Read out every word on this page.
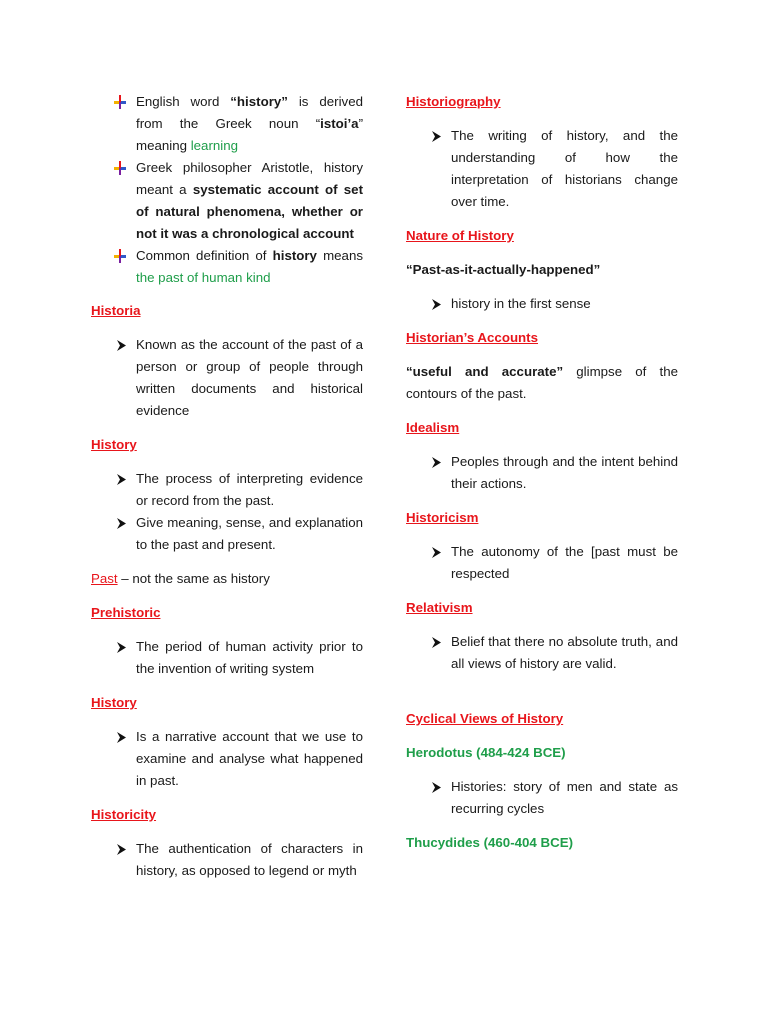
English word “history” is derived from the Greek noun “istoi’a” meaning learning
Greek philosopher Aristotle, history meant a systematic account of set of natural phenomena, whether or not it was a chronological account
Common definition of history means the past of human kind
Historia
Known as the account of the past of a person or group of people through written documents and historical evidence
History
The process of interpreting evidence or record from the past.
Give meaning, sense, and explanation to the past and present.
Past – not the same as history
Prehistoric
The period of human activity prior to the invention of writing system
History
Is a narrative account that we use to examine and analyse what happened in past.
Historicity
The authentication of characters in history, as opposed to legend or myth
Historiography
The writing of history, and the understanding of how the interpretation of historians change over time.
Nature of History
“Past-as-it-actually-happened”
history in the first sense
Historian’s Accounts
“useful and accurate” glimpse of the contours of the past.
Idealism
Peoples through and the intent behind their actions.
Historicism
The autonomy of the [past must be respected
Relativism
Belief that there no absolute truth, and all views of history are valid.
Cyclical Views of History
Herodotus (484-424 BCE)
Histories: story of men and state as recurring cycles
Thucydides (460-404 BCE)
